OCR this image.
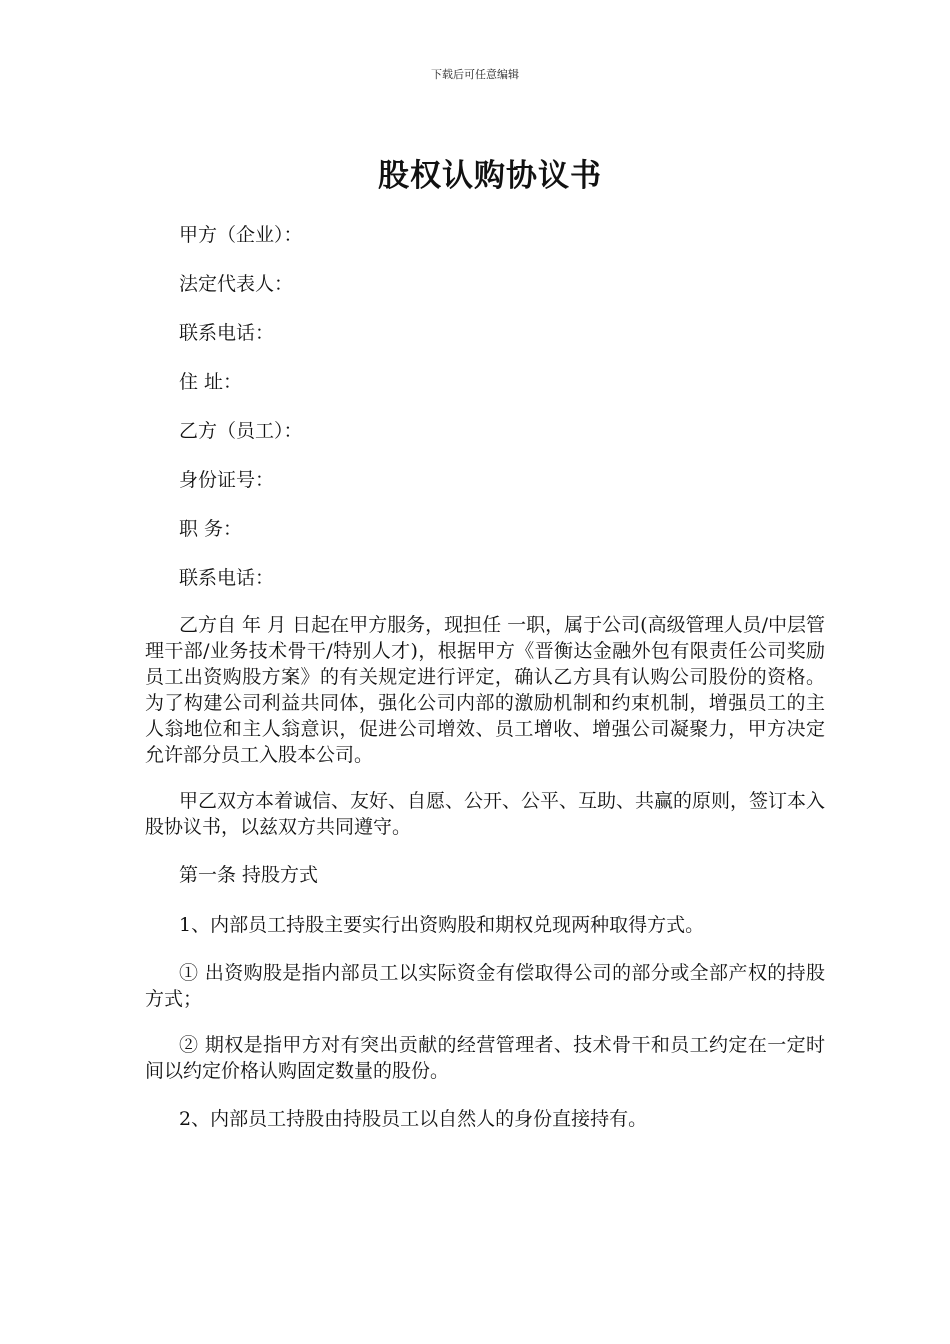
下载后可任意编辑
股权认购协议书
甲方（企业）：
法定代表人：
联系电话：
住 址：
乙方（员工）：
身份证号：
职 务：
联系电话：

乙方自 年 月 日起在甲方服务，现担任 一职，属于公司(高级管理人员/中层管理干部/业务技术骨干/特别人才)，根据甲方《晋衡达金融外包有限责任公司奖励员工出资购股方案》的有关规定进行评定，确认乙方具有认购公司股份的资格。为了构建公司利益共同体，强化公司内部的激励机制和约束机制，增强员工的主人翁地位和主人翁意识，促进公司增效、员工增收、增强公司凝聚力，甲方决定允许部分员工入股本公司。

甲乙双方本着诚信、友好、自愿、公开、公平、互助、共赢的原则，签订本入股协议书，以兹双方共同遵守。

第一条 持股方式

1、内部员工持股主要实行出资购股和期权兑现两种取得方式。

① 出资购股是指内部员工以实际资金有偿取得公司的部分或全部产权的持股方式；

② 期权是指甲方对有突出贡献的经营管理者、技术骨干和员工约定在一定时间以约定价格认购固定数量的股份。

2、内部员工持股由持股员工以自然人的身份直接持有。
